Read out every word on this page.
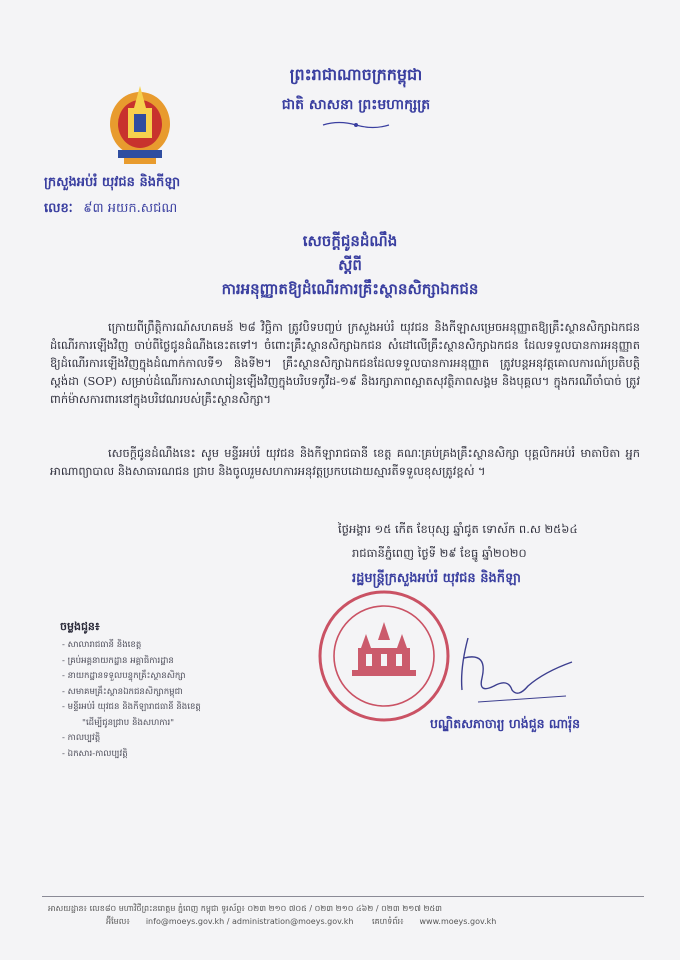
ព្រះរាជាណាចក្រកម្ពុជា
ជាតិ សាសនា ព្រះមហាក្សត្រ
ក្រសួងអប់រំ យុវជន និងកីឡា
លេខៈ ៩៣ អយក.សជណ
សេចក្តីជូនដំណឹង
ស្តីពី
ការអនុញ្ញាតឱ្យដំណើរការគ្រឹះស្ថានសិក្សាឯកជន

ក្រោយពីព្រឹត្តិការណ៍សហគមន៍ ២៨ វិច្ឆិកា ត្រូវបិទបញ្ចប់ ក្រសួងអប់រំ យុវជន និងកីឡាសម្រេចអនុញ្ញាតឱ្យគ្រឹះស្ថានសិក្សាឯកជន ដំណើរការឡើងវិញ ចាប់ពីថ្ងៃជូនដំណឹងនេះតទៅ។ ចំពោះគ្រឹះស្ថានសិក្សាឯកជន សំដៅលើគ្រឹះស្ថានសិក្សាឯកជន ដែលទទួលបានការអនុញ្ញាតឱ្យដំណើរការឡើងវិញក្នុងដំណាក់កាលទី១ និងទី២។ គ្រឹះស្ថានសិក្សាឯកជនដែលទទួលបានការអនុញ្ញាត ត្រូវបន្តអនុវត្តគោលការណ៍ប្រតិបត្តិស្តង់ដា (SOP) សម្រាប់ដំណើរការសាលារៀនឡើងវិញក្នុងបរិបទកូវីដ-១៩ និងរក្សាភាពស្អាតសុវត្ថិភាពសង្គម និងបុគ្គល។ ក្នុងករណីចាំបាច់ ត្រូវពាក់ម៉ាសការពារនៅក្នុងបរិវេណរបស់គ្រឹះស្ថានសិក្សា។

សេចក្តីជូនដំណឹងនេះ សូម មន្ទីរអប់រំ យុវជន និងកីឡារាជធានី ខេត្ត គណៈគ្រប់គ្រងគ្រឹះស្ថានសិក្សា បុគ្គលិកអប់រំ មាតាបិតា អ្នកអាណាព្យាបាល និងសាធារណជន ជ្រាប និងចូលរួមសហការអនុវត្តប្រកបដោយស្មារតីទទួលខុសត្រូវខ្ពស់ ។

ថ្ងៃអង្គារ ១៥ កើត ខែបុស្ស ឆ្នាំជូត ទោស័ក ព.ស ២៥៦៤
រាជធានីភ្នំពេញ ថ្ងៃទី ២៩ ខែធ្នូ ឆ្នាំ២០២០
រដ្ឋមន្ត្រីក្រសួងអប់រំ យុវជន និងកីឡា
បណ្ឌិតសភាចារ្យ ហង់ជួន ណារ៉ុន
ចម្លងជូន៖
- សាលារាជធានី និងខេត្ត
- គ្រប់អគ្គនាយកដ្ឋាន អគ្គាធិការដ្ឋាន
- នាយកដ្ឋានទទួលបន្ទុកគ្រឹះស្ថានសិក្សា
- សមាគមគ្រឹះស្ថានឯកជនសិក្សាកម្ពុជា
- មន្ទីរអប់រំ យុវជន និងកីឡារាជធានី និងខេត្ត
"ដើម្បីជូនជ្រាប និងសហការ"
- កាលប្បវត្តិ
- ឯកសារ-កាលប្បវត្តិ
អាសយដ្ឋាន៖ លេខ៨០ មហាវិថីព្រះនរោត្តម ភ្នំពេញ កម្ពុជា ទូរស័ព្ទ៖ ០២៣ ២១០ ៧០៥ / ០២៣ ២១០ ៤៦២ / ០២៣ ២១៧ ២៥៣
អ៊ីមែល៖ info@moeys.gov.kh / administration@moeys.gov.kh គេហទំព័រ៖ www.moeys.gov.kh
